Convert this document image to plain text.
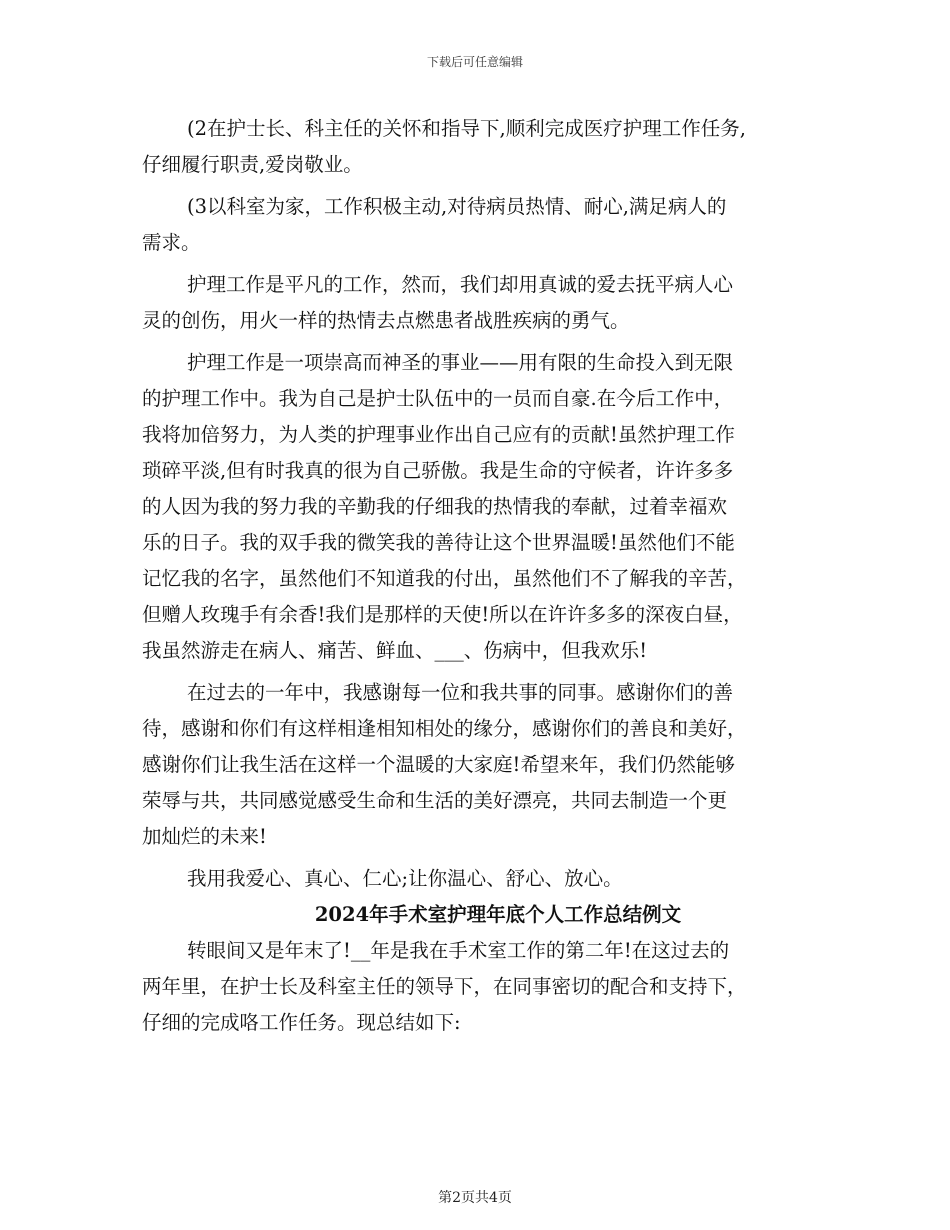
下载后可任意编辑
(2在护士长、科主任的关怀和指导下,顺利完成医疗护理工作任务,
仔细履行职责,爱岗敬业。
(3以科室为家，工作积极主动,对待病员热情、耐心,满足病人的
需求。
护理工作是平凡的工作，然而，我们却用真诚的爱去抚平病人心
灵的创伤，用火一样的热情去点燃患者战胜疾病的勇气。
护理工作是一项崇高而神圣的事业——用有限的生命投入到无限
的护理工作中。我为自己是护士队伍中的一员而自豪.在今后工作中，
我将加倍努力，为人类的护理事业作出自己应有的贡献!虽然护理工作
琐碎平淡,但有时我真的很为自己骄傲。我是生命的守候者，许许多多
的人因为我的努力我的辛勤我的仔细我的热情我的奉献，过着幸福欢
乐的日子。我的双手我的微笑我的善待让这个世界温暖!虽然他们不能
记忆我的名字，虽然他们不知道我的付出，虽然他们不了解我的辛苦，
但赠人玫瑰手有余香!我们是那样的天使!所以在许许多多的深夜白昼，
我虽然游走在病人、痛苦、鲜血、___、伤病中，但我欢乐!
在过去的一年中，我感谢每一位和我共事的同事。感谢你们的善
待，感谢和你们有这样相逢相知相处的缘分，感谢你们的善良和美好，
感谢你们让我生活在这样一个温暖的大家庭!希望来年，我们仍然能够
荣辱与共，共同感觉感受生命和生活的美好漂亮，共同去制造一个更
加灿烂的未来!
我用我爱心、真心、仁心;让你温心、舒心、放心。
2024年手术室护理年底个人工作总结例文
转眼间又是年末了!__年是我在手术室工作的第二年!在这过去的
两年里，在护士长及科室主任的领导下，在同事密切的配合和支持下，
仔细的完成咯工作任务。现总结如下:
第2页共4页
